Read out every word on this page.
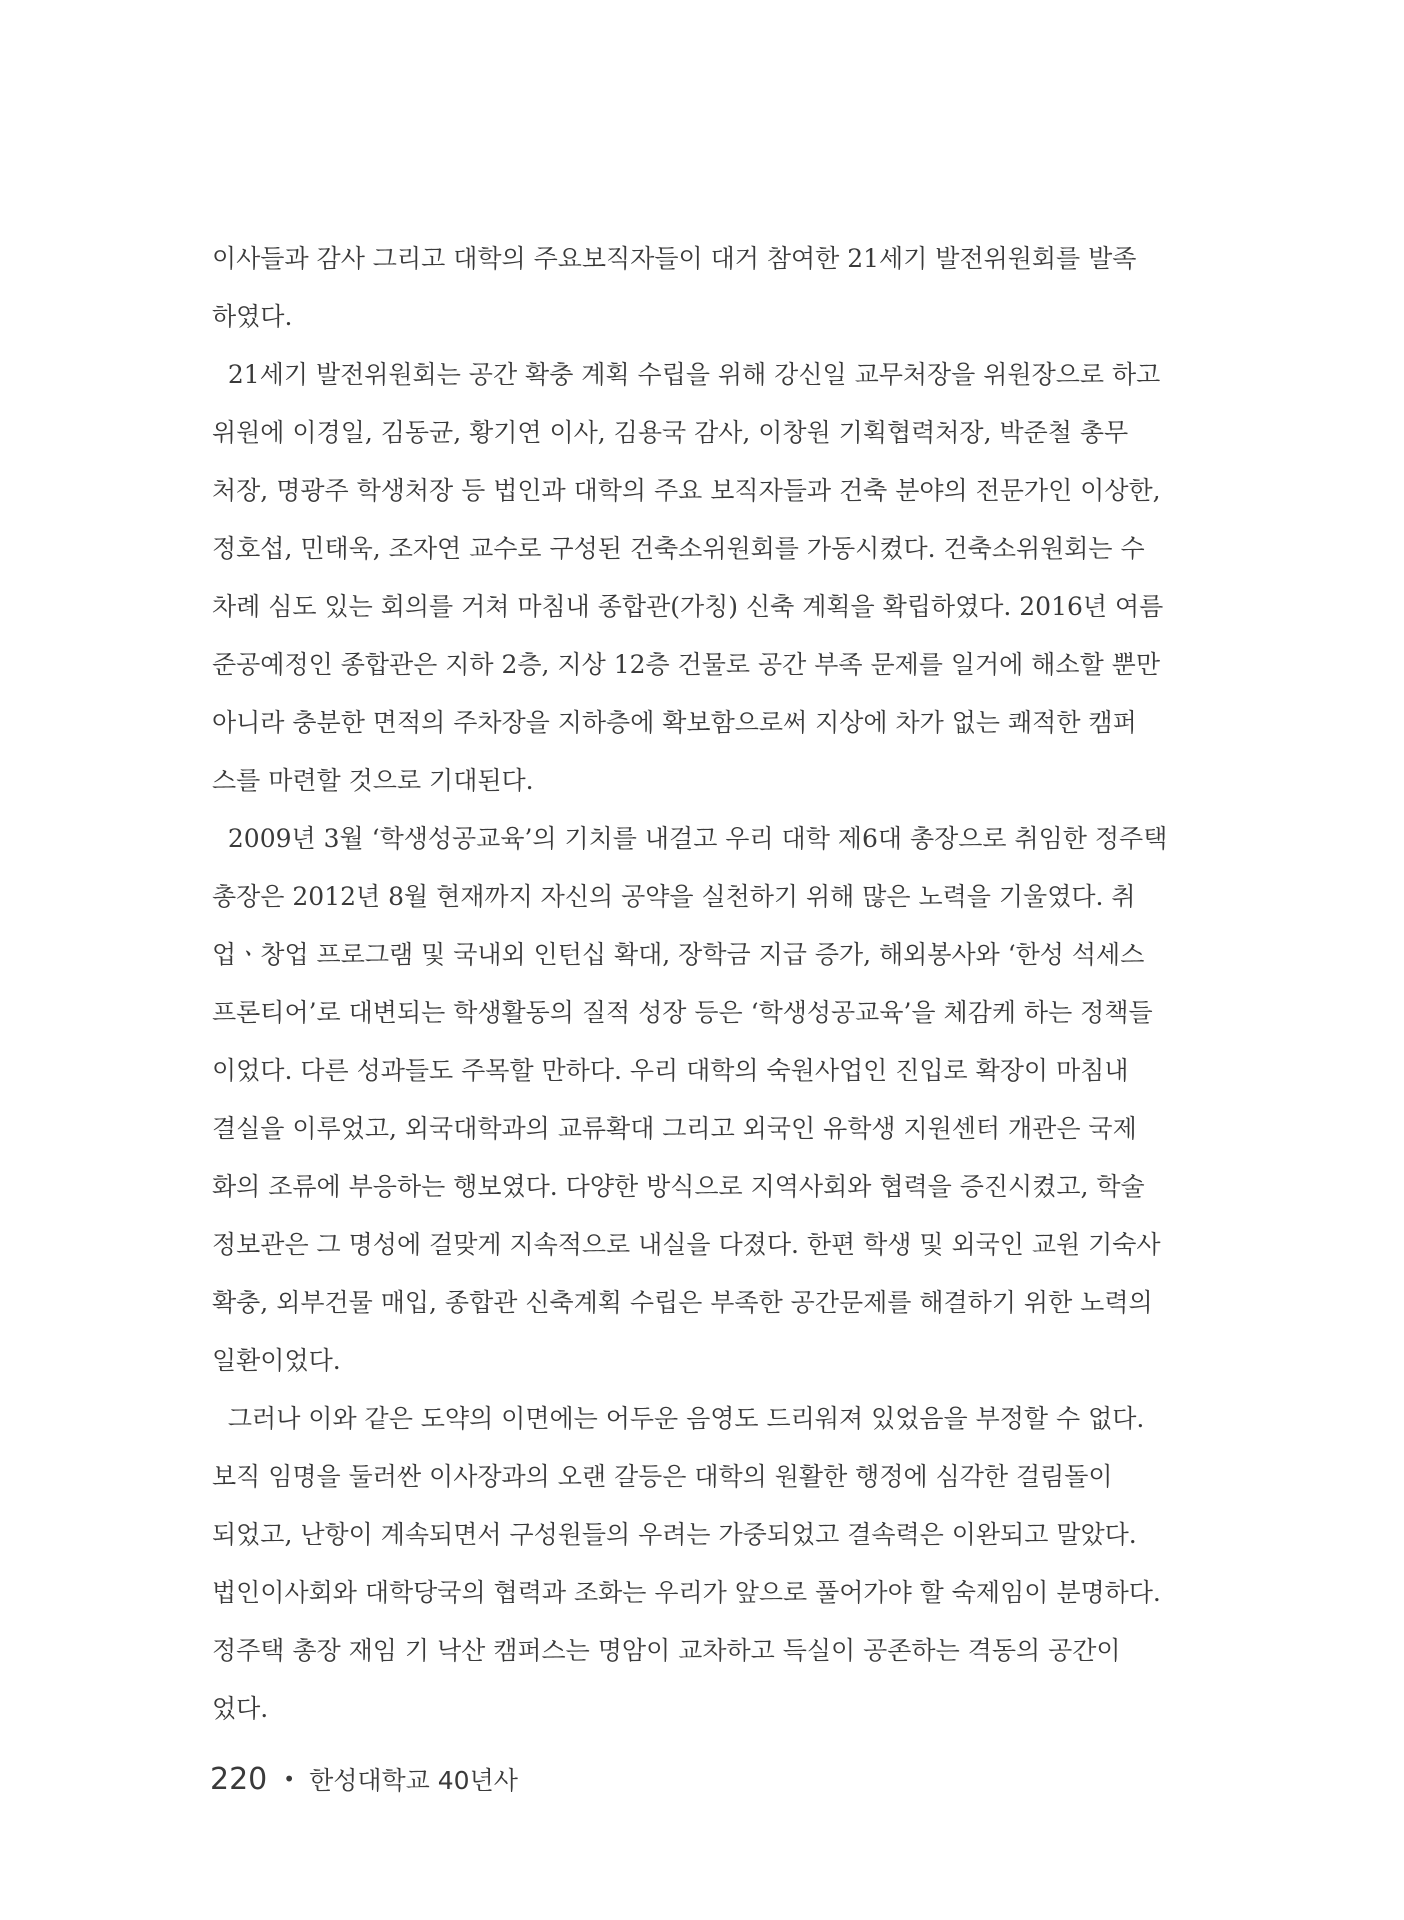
이사들과 감사 그리고 대학의 주요보직자들이 대거 참여한 21세기 발전위원회를 발족
하였다.
21세기 발전위원회는 공간 확충 계획 수립을 위해 강신일 교무처장을 위원장으로 하고
위원에 이경일, 김동균, 황기연 이사, 김용국 감사, 이창원 기획협력처장, 박준철 총무
처장, 명광주 학생처장 등 법인과 대학의 주요 보직자들과 건축 분야의 전문가인 이상한,
정호섭, 민태욱, 조자연 교수로 구성된 건축소위원회를 가동시켰다. 건축소위원회는 수
차례 심도 있는 회의를 거쳐 마침내 종합관(가칭) 신축 계획을 확립하였다. 2016년 여름
준공예정인 종합관은 지하 2층, 지상 12층 건물로 공간 부족 문제를 일거에 해소할 뿐만
아니라 충분한 면적의 주차장을 지하층에 확보함으로써 지상에 차가 없는 쾌적한 캠퍼
스를 마련할 것으로 기대된다.
2009년 3월 ‘학생성공교육’의 기치를 내걸고 우리 대학 제6대 총장으로 취임한 정주택
총장은 2012년 8월 현재까지 자신의 공약을 실천하기 위해 많은 노력을 기울였다. 취
업ㆍ창업 프로그램 및 국내외 인턴십 확대, 장학금 지급 증가, 해외봉사와 ‘한성 석세스
프론티어’로 대변되는 학생활동의 질적 성장 등은 ‘학생성공교육’을 체감케 하는 정책들
이었다. 다른 성과들도 주목할 만하다. 우리 대학의 숙원사업인 진입로 확장이 마침내
결실을 이루었고, 외국대학과의 교류확대 그리고 외국인 유학생 지원센터 개관은 국제
화의 조류에 부응하는 행보였다. 다양한 방식으로 지역사회와 협력을 증진시켰고, 학술
정보관은 그 명성에 걸맞게 지속적으로 내실을 다졌다. 한편 학생 및 외국인 교원 기숙사
확충, 외부건물 매입, 종합관 신축계획 수립은 부족한 공간문제를 해결하기 위한 노력의
일환이었다.
그러나 이와 같은 도약의 이면에는 어두운 음영도 드리워져 있었음을 부정할 수 없다.
보직 임명을 둘러싼 이사장과의 오랜 갈등은 대학의 원활한 행정에 심각한 걸림돌이
되었고, 난항이 계속되면서 구성원들의 우려는 가중되었고 결속력은 이완되고 말았다.
법인이사회와 대학당국의 협력과 조화는 우리가 앞으로 풀어가야 할 숙제임이 분명하다.
정주택 총장 재임 기 낙산 캠퍼스는 명암이 교차하고 득실이 공존하는 격동의 공간이
었다.
220 • 한성대학교 40년사
